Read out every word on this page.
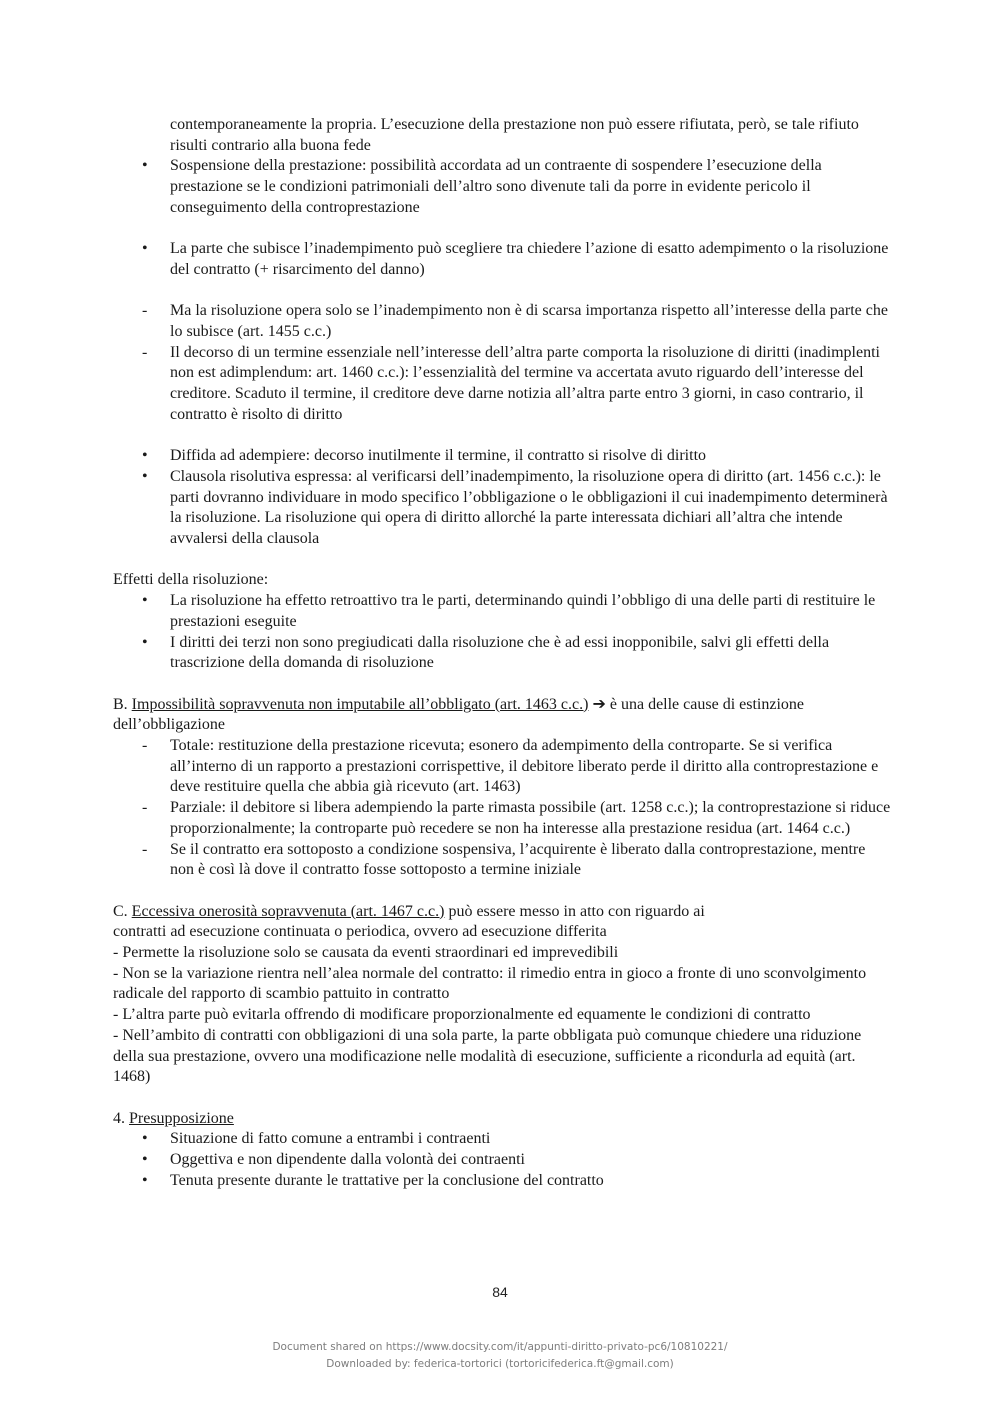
contemporaneamente la propria. L’esecuzione della prestazione non può essere rifiutata, però, se tale rifiuto risulti contrario alla buona fede
• Sospensione della prestazione: possibilità accordata ad un contraente di sospendere l’esecuzione della prestazione se le condizioni patrimoniali dell’altro sono divenute tali da porre in evidente pericolo il conseguimento della controprestazione
• La parte che subisce l’inadempimento può scegliere tra chiedere l’azione di esatto adempimento o la risoluzione del contratto (+ risarcimento del danno)
- Ma la risoluzione opera solo se l’inadempimento non è di scarsa importanza rispetto all’interesse della parte che lo subisce (art. 1455 c.c.)
- Il decorso di un termine essenziale nell’interesse dell’altra parte comporta la risoluzione di diritti (inadimplenti non est adimplendum: art. 1460 c.c.): l’essenzialità del termine va accertata avuto riguardo dell’interesse del creditore. Scaduto il termine, il creditore deve darne notizia all’altra parte entro 3 giorni, in caso contrario, il contratto è risolto di diritto
• Diffida ad adempiere: decorso inutilmente il termine, il contratto si risolve di diritto
• Clausola risolutiva espressa: al verificarsi dell’inadempimento, la risoluzione opera di diritto (art. 1456 c.c.): le parti dovranno individuare in modo specifico l’obbligazione o le obbligazioni il cui inadempimento determinerà la risoluzione. La risoluzione qui opera di diritto allorché la parte interessata dichiari all’altra che intende avvalersi della clausola
Effetti della risoluzione:
• La risoluzione ha effetto retroattivo tra le parti, determinando quindi l’obbligo di una delle parti di restituire le prestazioni eseguite
• I diritti dei terzi non sono pregiudicati dalla risoluzione che è ad essi inopponibile, salvi gli effetti della trascrizione della domanda di risoluzione
B. Impossibilità sopravvenuta non imputabile all’obbligato (art. 1463 c.c.) ➔ è una delle cause di estinzione dell’obbligazione
- Totale: restituzione della prestazione ricevuta; esonero da adempimento della controparte. Se si verifica all’interno di un rapporto a prestazioni corrispettive, il debitore liberato perde il diritto alla controprestazione e deve restituire quella che abbia già ricevuto (art. 1463)
- Parziale: il debitore si libera adempiendo la parte rimasta possibile (art. 1258 c.c.); la controprestazione si riduce proporzionalmente; la controparte può recedere se non ha interesse alla prestazione residua (art. 1464 c.c.)
- Se il contratto era sottoposto a condizione sospensiva, l’acquirente è liberato dalla controprestazione, mentre non è così là dove il contratto fosse sottoposto a termine iniziale
C. Eccessiva onerosità sopravvenuta (art. 1467 c.c.) può essere messo in atto con riguardo ai
contratti ad esecuzione continuata o periodica, ovvero ad esecuzione differita
- Permette la risoluzione solo se causata da eventi straordinari ed imprevedibili
- Non se la variazione rientra nell’alea normale del contratto: il rimedio entra in gioco a fronte di uno sconvolgimento radicale del rapporto di scambio pattuito in contratto
- L’altra parte può evitarla offrendo di modificare proporzionalmente ed equamente le condizioni di contratto
- Nell’ambito di contratti con obbligazioni di una sola parte, la parte obbligata può comunque chiedere una riduzione della sua prestazione, ovvero una modificazione nelle modalità di esecuzione, sufficiente a ricondurla ad equità (art. 1468)
4. Presupposizione
• Situazione di fatto comune a entrambi i contraenti
• Oggettiva e non dipendente dalla volontà dei contraenti
• Tenuta presente durante le trattative per la conclusione del contratto
84
Document shared on https://www.docsity.com/it/appunti-diritto-privato-pc6/10810221/
Downloaded by: federica-tortorici (tortoricifederica.ft@gmail.com)
